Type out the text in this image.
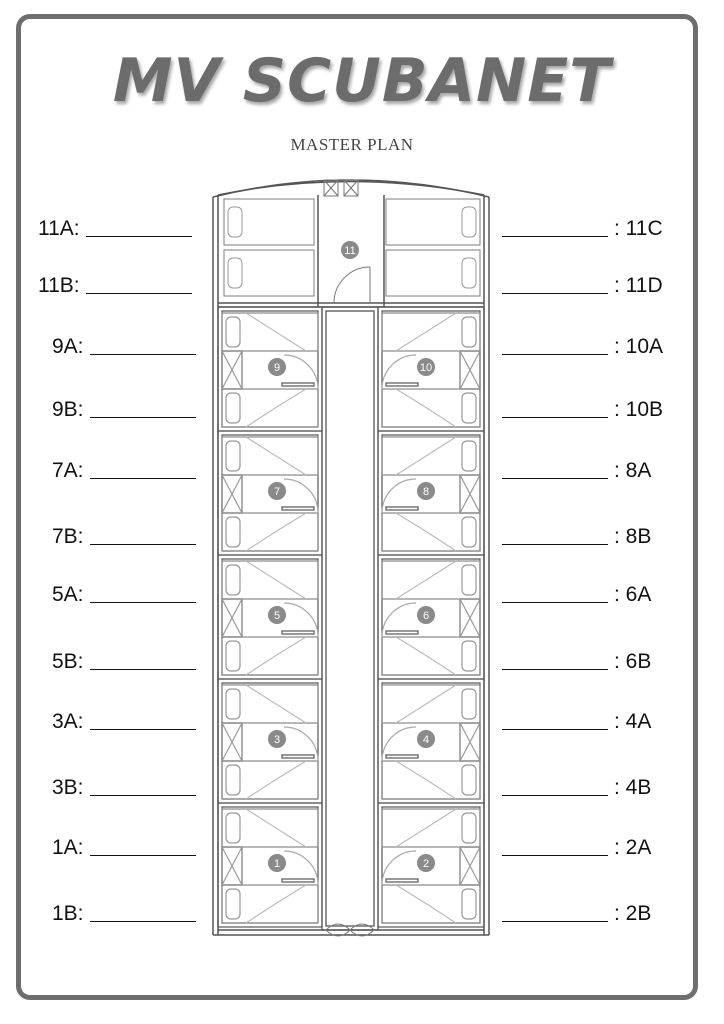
MV SCUBANET
MASTER PLAN
11A:
11B:
9A:
9B:
7A:
7B:
5A:
5B:
3A:
3B:
1A:
1B:
: 11C
: 11D
: 10A
: 10B
: 8A
: 8B
: 6A
: 6B
: 4A
: 4B
: 2A
: 2B
9
7
5
3
1
10
8
6
4
2
11
